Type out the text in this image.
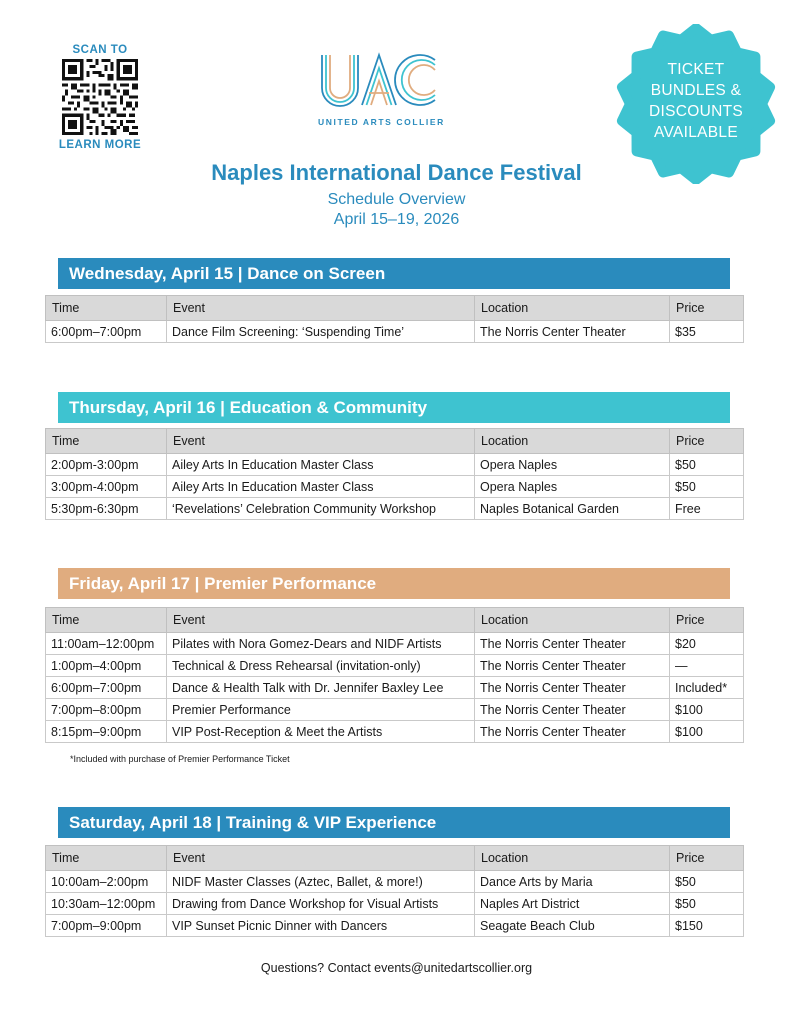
SCAN TO
LEARN MORE
UNITED ARTS COLLIER
TICKET
BUNDLES &
DISCOUNTS
AVAILABLE
Naples International Dance Festival
Schedule Overview
April 15–19, 2026
Wednesday, April 15 | Dance on Screen
Time	Event	Location	Price
6:00pm–7:00pm	Dance Film Screening: ‘Suspending Time’	The Norris Center Theater	$35
Thursday, April 16 | Education & Community
Time	Event	Location	Price
2:00pm-3:00pm	Ailey Arts In Education Master Class	Opera Naples	$50
3:00pm-4:00pm	Ailey Arts In Education Master Class	Opera Naples	$50
5:30pm-6:30pm	‘Revelations’ Celebration Community Workshop	Naples Botanical Garden	Free
Friday, April 17 | Premier Performance
Time	Event	Location	Price
11:00am–12:00pm	Pilates with Nora Gomez-Dears and NIDF Artists	The Norris Center Theater	$20
1:00pm–4:00pm	Technical & Dress Rehearsal (invitation-only)	The Norris Center Theater	—
6:00pm–7:00pm	Dance & Health Talk with Dr. Jennifer Baxley Lee	The Norris Center Theater	Included*
7:00pm–8:00pm	Premier Performance	The Norris Center Theater	$100
8:15pm–9:00pm	VIP Post-Reception & Meet the Artists	The Norris Center Theater	$100
*Included with purchase of Premier Performance Ticket
Saturday, April 18 | Training & VIP Experience
Time	Event	Location	Price
10:00am–2:00pm	NIDF Master Classes (Aztec, Ballet, & more!)	Dance Arts by Maria	$50
10:30am–12:00pm	Drawing from Dance Workshop for Visual Artists	Naples Art District	$50
7:00pm–9:00pm	VIP Sunset Picnic Dinner with Dancers	Seagate Beach Club	$150
Questions? Contact events@unitedartscollier.org
